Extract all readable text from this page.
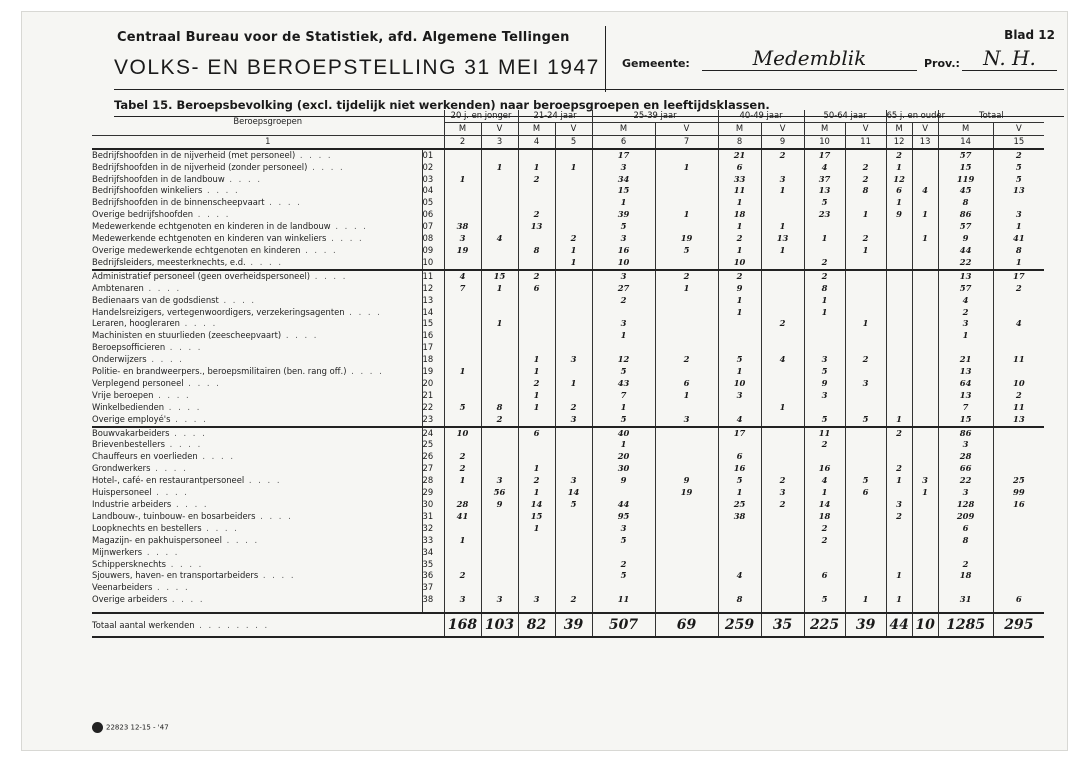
Centraal Bureau voor de Statistiek, afd. Algemene Tellingen
VOLKS- EN BEROEPSTELLING 31 MEI 1947
Blad 12
Gemeente:	Medemblik	Prov.:	N. H.
Tabel 15. Beroepsbevolking (excl. tijdelijk niet werkenden) naar beroepsgroepen en leeftijdsklassen.
Beroepsgroepen		20 j. en jonger		21-24 jaar		25-39 jaar		40-49 jaar		50-64 jaar		65 j. en ouder		Totaal	
		M	V	M	V	M	V	M	V	M	V	M	V	M	V
1		2	3	4	5	6	7	8	9	10	11	12	13	14	15
Bedrijfshoofden in de nijverheid (met personeel) . . . .	01					17		21	2	17		2		57	2
Bedrijfshoofden in de nijverheid (zonder personeel) . . . .	02		1	1	1	3	1	6		4	2	1		15	5
Bedrijfshoofden in de landbouw . . . .	03	1		2		34		33	3	37	2	12		119	5
Bedrijfshoofden winkeliers . . . .	04					15		11	1	13	8	6	4	45	13
Bedrijfshoofden in de binnenscheepvaart . . . .	05					1		1		5		1		8	
Overige bedrijfshoofden . . . .	06			2		39	1	18		23	1	9	1	86	3
Medewerkende echtgenoten en kinderen in de landbouw . . . .	07	38		13		5		1	1					57	1
Medewerkende echtgenoten en kinderen van winkeliers . . . .	08	3	4		2	3	19	2	13	1	2		1	9	41
Overige medewerkende echtgenoten en kinderen . . . .	09	19		8	1	16	5	1	1		1			44	8
Bedrijfsleiders, meesterknechts, e.d. . . . .	10				1	10		10		2				22	1
Administratief personeel (geen overheidspersoneel) . . . .	11	4	15	2		3	2	2		2				13	17
Ambtenaren . . . .	12	7	1	6		27	1	9		8				57	2
Bedienaars van de godsdienst . . . .	13					2		1		1				4	
Handelsreizigers, vertegenwoordigers, verzekeringsagenten . . . .	14							1		1				2	
Leraren, hoogleraren . . . .	15		1			3			2		1			3	4
Machinisten en stuurlieden (zeescheepvaart) . . . .	16					1								1	
Beroepsofficieren . . . .	17														
Onderwijzers . . . .	18			1	3	12	2	5	4	3	2			21	11
Politie- en brandweerpers., beroepsmilitairen (ben. rang off.) . . . .	19	1		1		5		1		5				13	
Verplegend personeel . . . .	20			2	1	43	6	10		9	3			64	10
Vrije beroepen . . . .	21			1		7	1	3		3				13	2
Winkelbedienden . . . .	22	5	8	1	2	1			1					7	11
Overige employé's . . . .	23		2		3	5	3	4		5	5	1		15	13
Bouwvakarbeiders . . . .	24	10		6		40		17		11		2		86	
Brievenbestellers . . . .	25					1				2				3	
Chauffeurs en voerlieden . . . .	26	2				20		6						28	
Grondwerkers . . . .	27	2		1		30		16		16		2		66	
Hotel-, café- en restaurantpersoneel . . . .	28	1	3	2	3	9	9	5	2	4	5	1	3	22	25
Huispersoneel . . . .	29		56	1	14		19	1	3	1	6		1	3	99
Industrie arbeiders . . . .	30	28	9	14	5	44		25	2	14		3		128	16
Landbouw-, tuinbouw- en bosarbeiders . . . .	31	41		15		95		38		18		2		209	
Loopknechts en bestellers . . . .	32			1		3				2				6	
Magazijn- en pakhuispersoneel . . . .	33	1				5				2				8	
Mijnwerkers . . . .	34														
Schippersknechts . . . .	35					2								2	
Sjouwers, haven- en transportarbeiders . . . .	36	2				5		4		6		1		18	
Veenarbeiders . . . .	37														
Overige arbeiders . . . .	38	3	3	3	2	11		8		5	1	1		31	6

Totaal aantal werkenden . . . . . . . .		168	103	82	39	507	69	259	35	225	39	44	10	1285	295
22823 12-15 - '47
